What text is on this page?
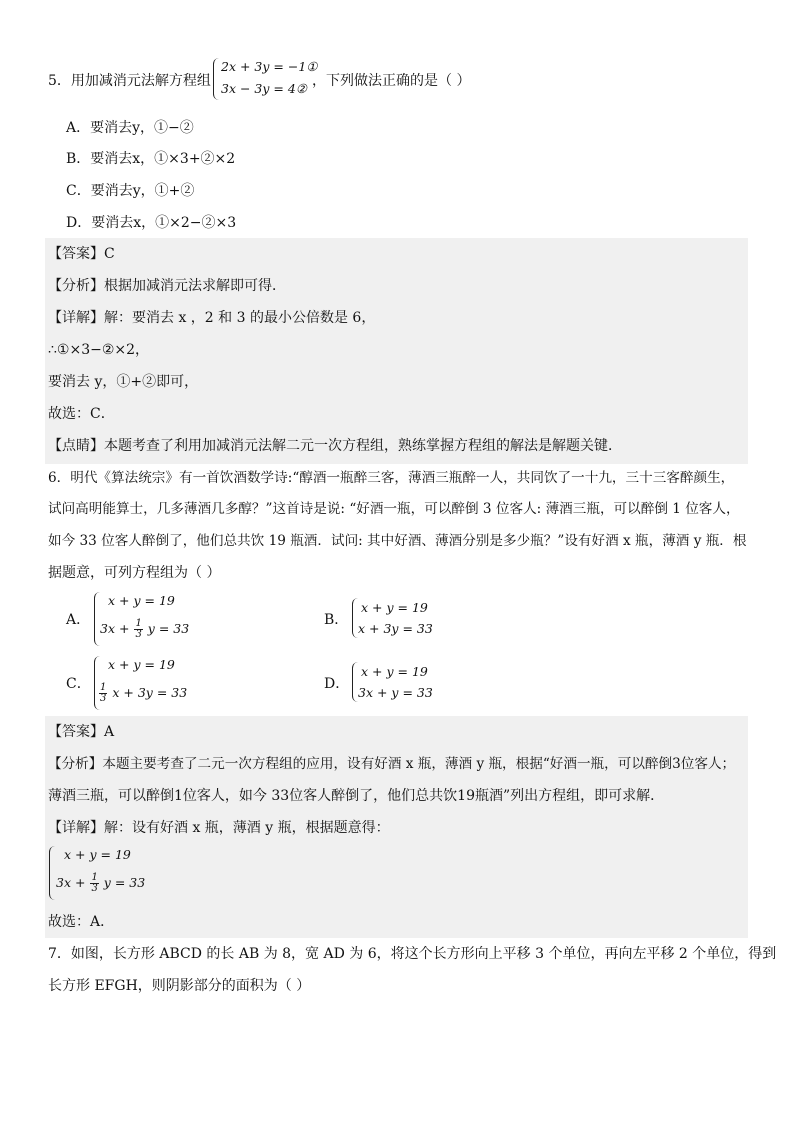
5．用加减消元法解方程组
2x + 3y = −1①
3x − 3y = 4② ，下列做法正确的是（ ）
A．要消去y，①−②
B．要消去x，①×3+②×2
C．要消去y，①+②
D．要消去x，①×2−②×3
【答案】C
【分析】根据加减消元法求解即可得．
【详解】解：要消去 x ，2 和 3 的最小公倍数是 6，
∴①×3−②×2，
要消去 y，①+②即可，
故选：C．
【点睛】本题考查了利用加减消元法解二元一次方程组，熟练掌握方程组的解法是解题关键．
6．明代《算法统宗》有一首饮酒数学诗:“醇酒一瓶醉三客，薄酒三瓶醉一人，共同饮了一十九，三十三客醉颜生，
试问高明能算士，几多薄酒几多醇？”这首诗是说: “好酒一瓶，可以醉倒 3 位客人: 薄酒三瓶，可以醉倒 1 位客人，
如今 33 位客人醉倒了，他们总共饮 19 瓶酒．试问: 其中好酒、薄酒分别是多少瓶？”设有好酒 x 瓶，薄酒 y 瓶．根
据题意，可列方程组为（ ）
A．
x + y = 19
$3x + \frac{1}{3}$ y = 33
B．
x + y = 19
x + 3y = 33
C．
x + y = 19
$\frac{1}{3}$ x + 3y = 33
D．
x + y = 19
3x + y = 33
【答案】A
【分析】本题主要考查了二元一次方程组的应用，设有好酒 x 瓶，薄酒 y 瓶，根据“好酒一瓶，可以醉倒3位客人；
薄酒三瓶，可以醉倒1位客人，如今 33位客人醉倒了，他们总共饮19瓶酒”列出方程组，即可求解．
【详解】解：设有好酒 x 瓶，薄酒 y 瓶，根据题意得：
x + y = 19
$3x + \frac{1}{3}$ y = 33
故选：A．
7．如图，长方形 ABCD 的长 AB 为 8，宽 AD 为 6，将这个长方形向上平移 3 个单位，再向左平移 2 个单位，得到
长方形 EFGH，则阴影部分的面积为（ ）
